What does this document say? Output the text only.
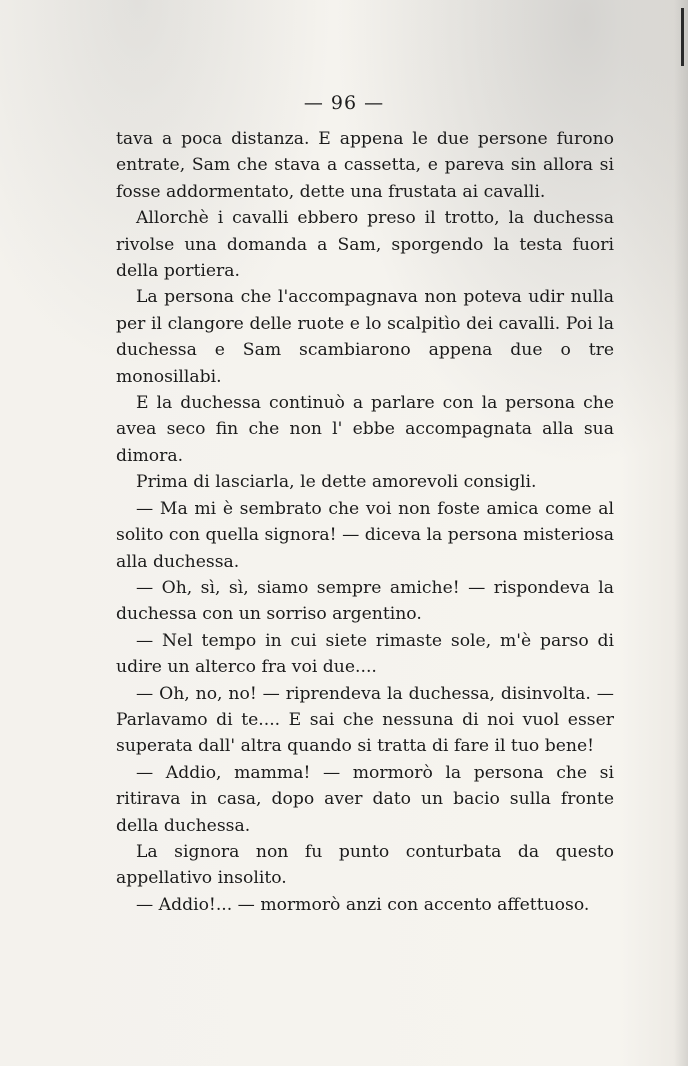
— 96 —

tava a poca distanza. E appena le due persone furono entrate, Sam che stava a cassetta, e pareva sin allora si fosse addormentato, dette una frustata ai cavalli.

Allorchè i cavalli ebbero preso il trotto, la duchessa rivolse una domanda a Sam, sporgendo la testa fuori della portiera.

La persona che l'accompagnava non poteva udir nulla per il clangore delle ruote e lo scalpitìo dei cavalli. Poi la duchessa e Sam scambiarono appena due o tre monosillabi.

E la duchessa continuò a parlare con la persona che avea seco fin che non l' ebbe accompagnata alla sua dimora.

Prima di lasciarla, le dette amorevoli consigli.

— Ma mi è sembrato che voi non foste amica come al solito con quella signora! — diceva la persona misteriosa alla duchessa.

— Oh, sì, sì, siamo sempre amiche! — rispondeva la duchessa con un sorriso argentino.

— Nel tempo in cui siete rimaste sole, m'è parso di udire un alterco fra voi due....

— Oh, no, no! — riprendeva la duchessa, disinvolta. — Parlavamo di te.... E sai che nessuna di noi vuol esser superata dall' altra quando si tratta di fare il tuo bene!

— Addio, mamma! — mormorò la persona che si ritirava in casa, dopo aver dato un bacio sulla fronte della duchessa.

La signora non fu punto conturbata da questo appellativo insolito.

— Addio!... — mormorò anzi con accento affettuoso.
